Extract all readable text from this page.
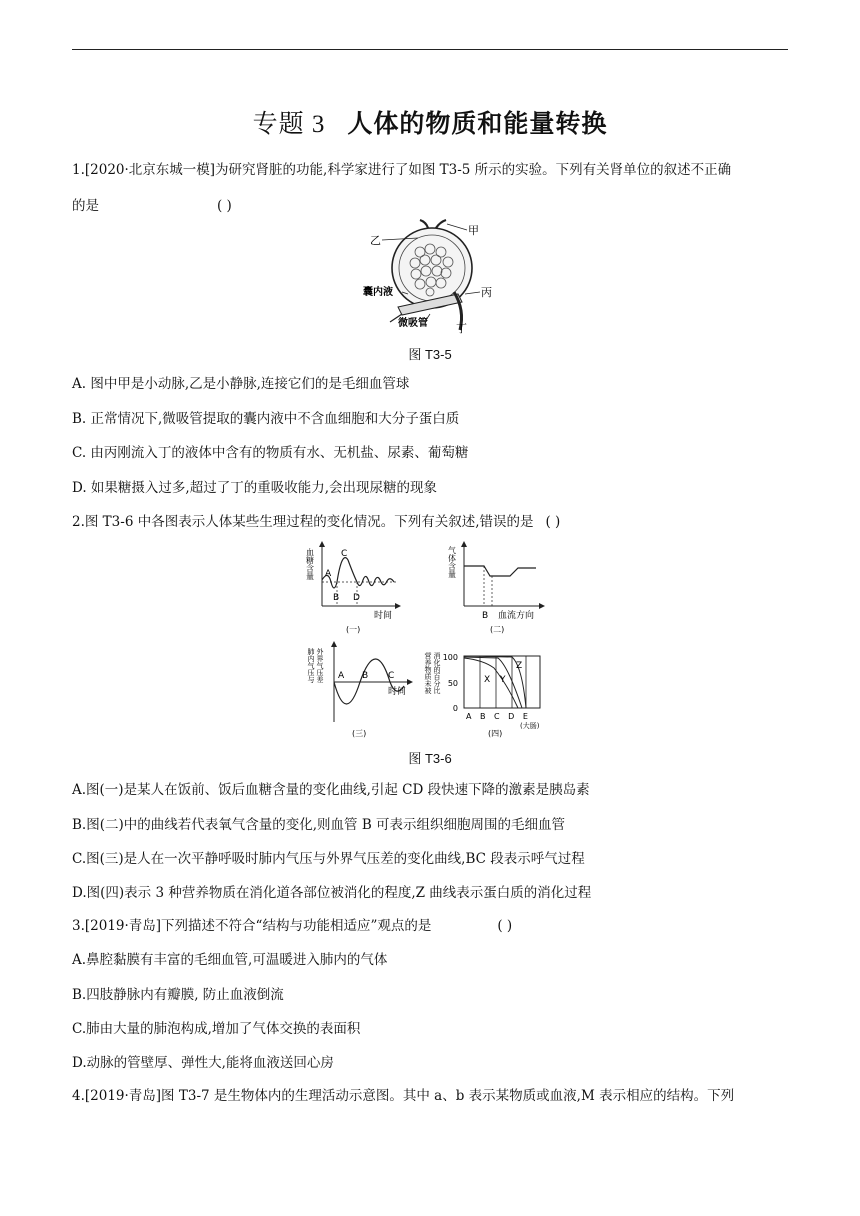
专题 3 人体的物质和能量转换
1.[2020·北京东城一模]为研究肾脏的功能,科学家进行了如图 T3-5 所示的实验。下列有关肾单位的叙述不正确
的是	( )
甲
乙
囊内液	丙
微吸管	丁
图 T3-5
A. 图中甲是小动脉,乙是小静脉,连接它们的是毛细血管球
B. 正常情况下,微吸管提取的囊内液中不含血细胞和大分子蛋白质
C. 由丙刚流入丁的液体中含有的物质有水、无机盐、尿素、葡萄糖
D. 如果糖摄入过多,超过了丁的重吸收能力,会出现尿糖的现象
2.图 T3-6 中各图表示人体某些生理过程的变化情况。下列有关叙述,错误的是 ( )
血糖含量 A
C
B D
时间
(一)
气体含量
B 血流方向
(二)
肺内气压与 外界气压差 A B C
时间
(三)
100
50
0
营养物质未被 消化的百分比	X Y
Z
A B C D E
(大肠)
(四)
图 T3-6
A.图(一)是某人在饭前、饭后血糖含量的变化曲线,引起 CD 段快速下降的激素是胰岛素
B.图(二)中的曲线若代表氧气含量的变化,则血管 B 可表示组织细胞周围的毛细血管
C.图(三)是人在一次平静呼吸时肺内气压与外界气压差的变化曲线,BC 段表示呼气过程
D.图(四)表示 3 种营养物质在消化道各部位被消化的程度,Z 曲线表示蛋白质的消化过程
3.[2019·青岛]下列描述不符合“结构与功能相适应”观点的是	( )
A.鼻腔黏膜有丰富的毛细血管,可温暖进入肺内的气体
B.四肢静脉内有瓣膜, 防止血液倒流
C.肺由大量的肺泡构成,增加了气体交换的表面积
D.动脉的管壁厚、弹性大,能将血液送回心房
4.[2019·青岛]图 T3-7 是生物体内的生理活动示意图。其中 a、b 表示某物质或血液,M 表示相应的结构。下列
